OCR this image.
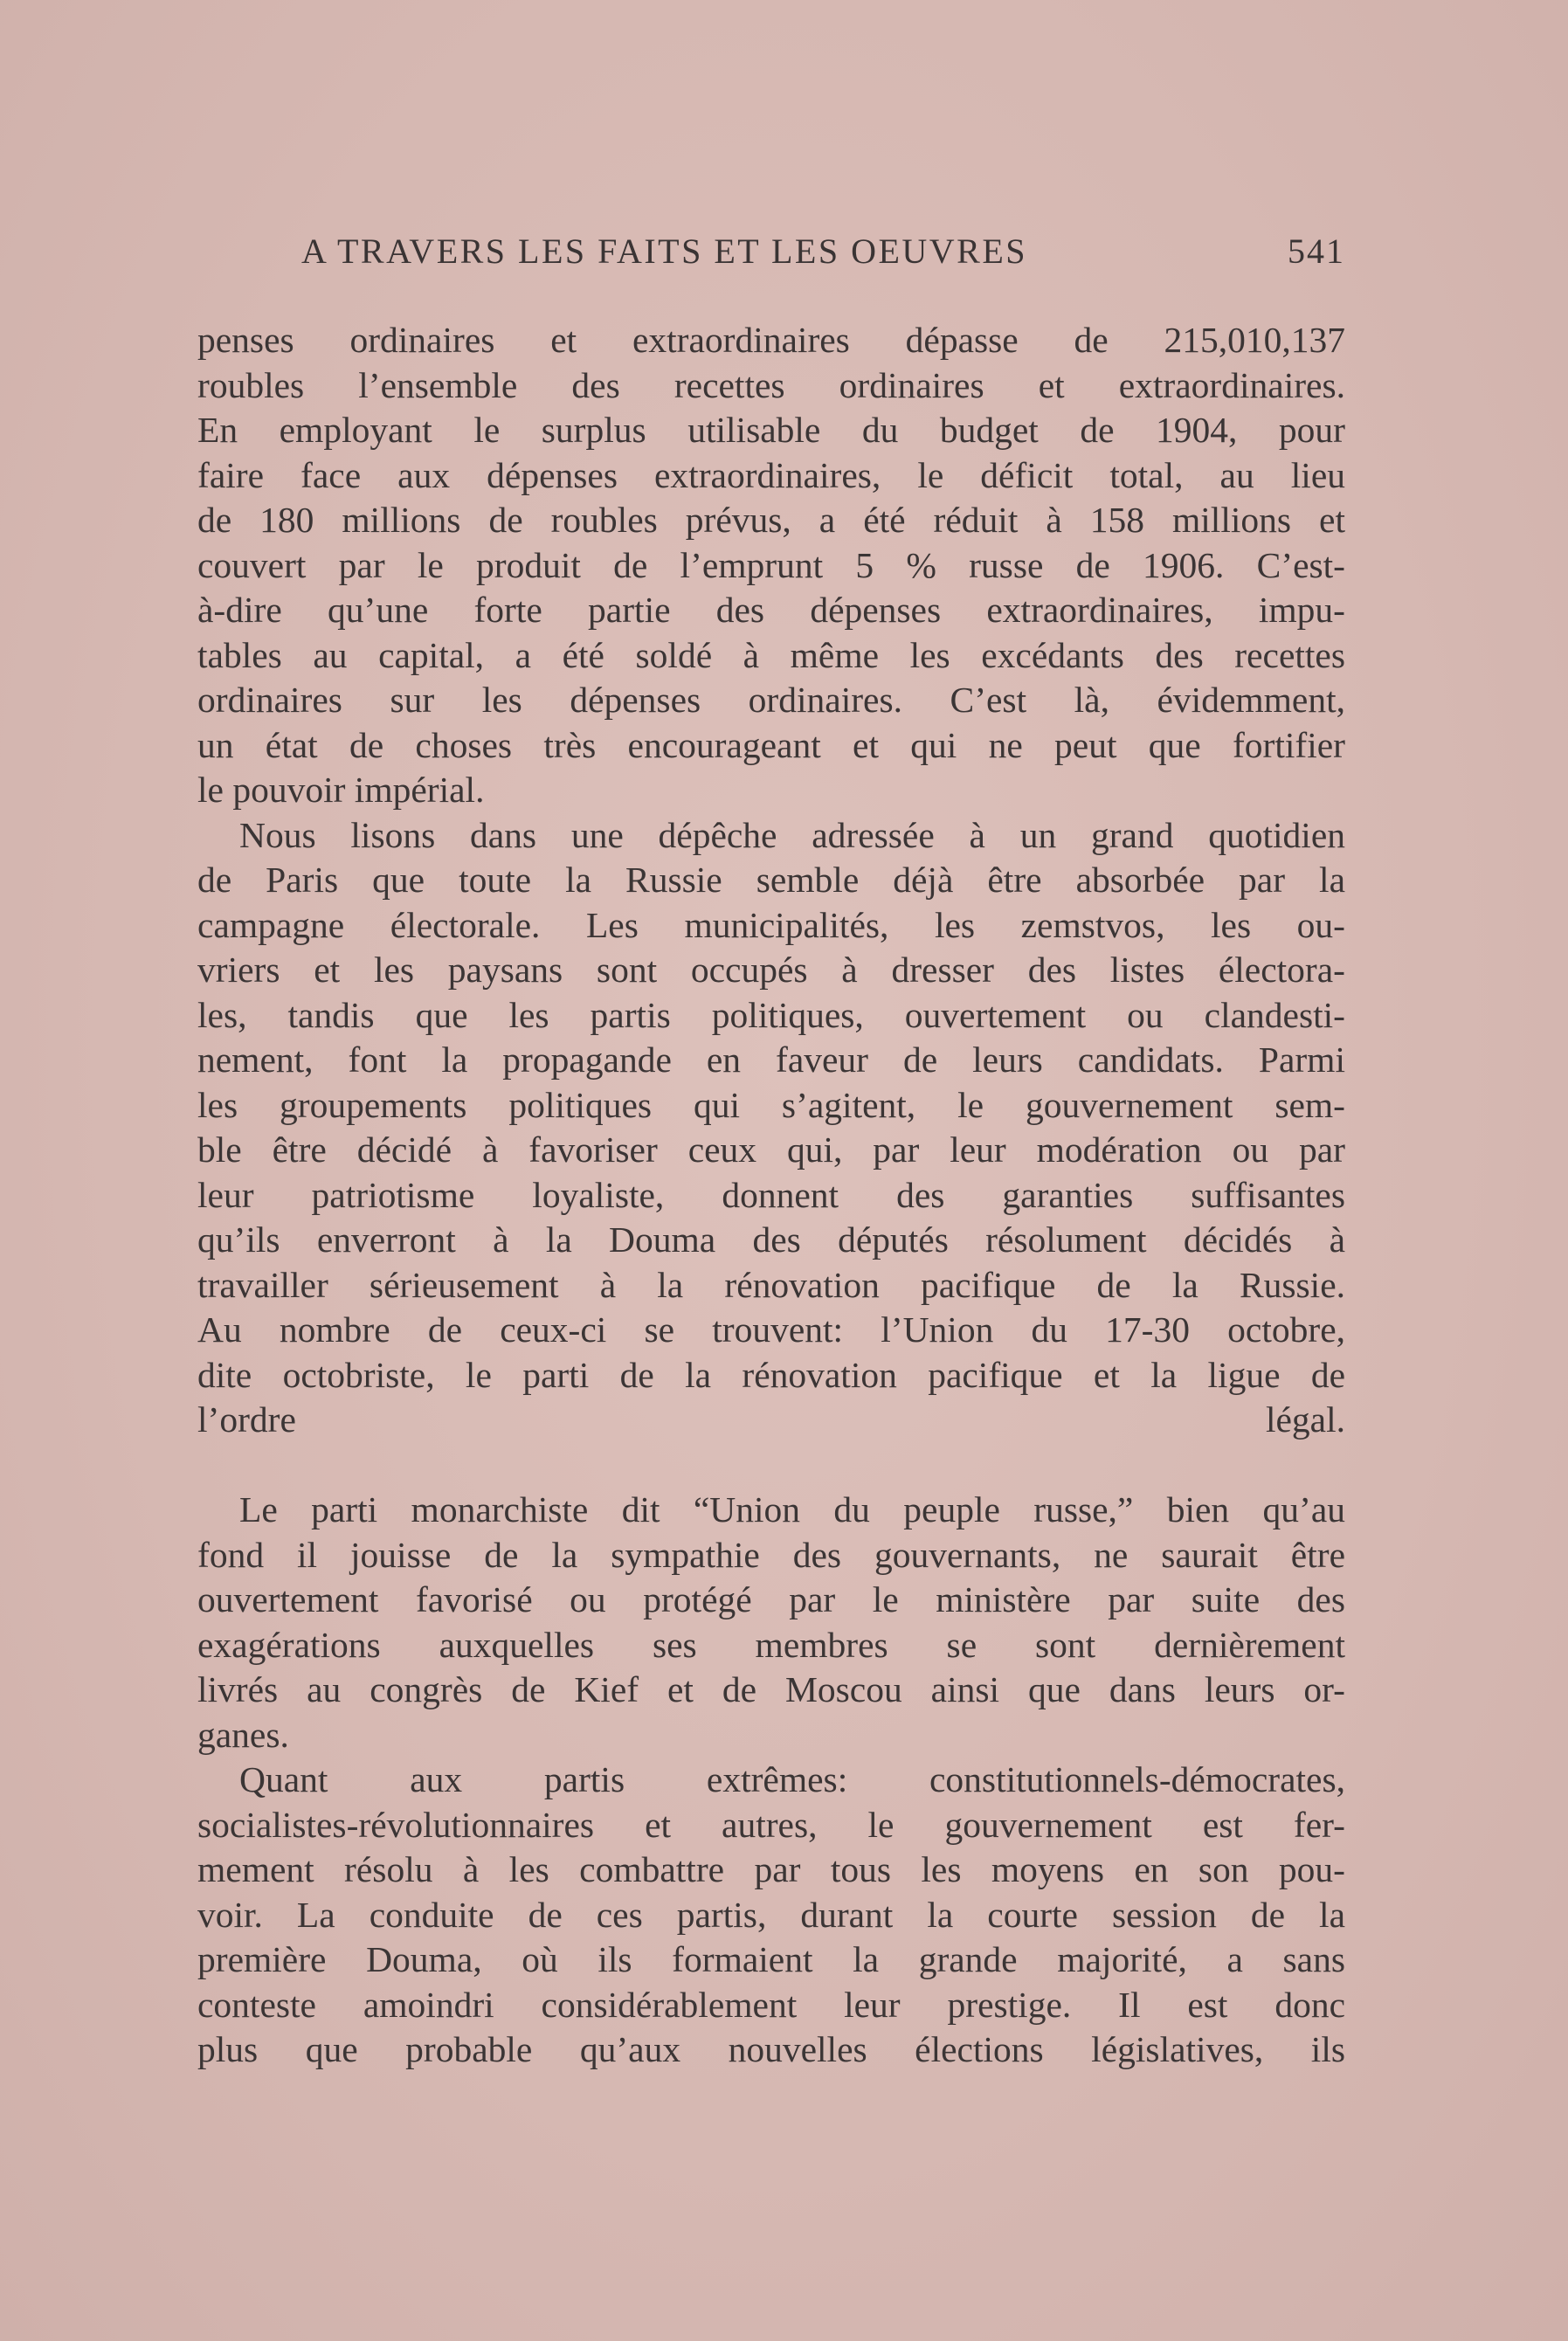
A TRAVERS LES FAITS ET LES OEUVRES	541
penses ordinaires et extraordinaires dépasse de 215,010,137
roubles l’ensemble des recettes ordinaires et extraordinaires.
En employant le surplus utilisable du budget de 1904, pour
faire face aux dépenses extraordinaires, le déficit total, au lieu
de 180 millions de roubles prévus, a été réduit à 158 millions et
couvert par le produit de l’emprunt 5 % russe de 1906. C’est-
à-dire qu’une forte partie des dépenses extraordinaires, impu-
tables au capital, a été soldé à même les excédants des recettes
ordinaires sur les dépenses ordinaires. C’est là, évidemment,
un état de choses très encourageant et qui ne peut que fortifier
le pouvoir impérial.
Nous lisons dans une dépêche adressée à un grand quotidien
de Paris que toute la Russie semble déjà être absorbée par la
campagne électorale. Les municipalités, les zemstvos, les ou-
vriers et les paysans sont occupés à dresser des listes électora-
les, tandis que les partis politiques, ouvertement ou clandesti-
nement, font la propagande en faveur de leurs candidats. Parmi
les groupements politiques qui s’agitent, le gouvernement sem-
ble être décidé à favoriser ceux qui, par leur modération ou par
leur patriotisme loyaliste, donnent des garanties suffisantes
qu’ils enverront à la Douma des députés résolument décidés à
travailler sérieusement à la rénovation pacifique de la Russie.
Au nombre de ceux-ci se trouvent: l’Union du 17-30 octobre,
dite octobriste, le parti de la rénovation pacifique et la ligue de
l’ordre légal.
Le parti monarchiste dit “Union du peuple russe,” bien qu’au
fond il jouisse de la sympathie des gouvernants, ne saurait être
ouvertement favorisé ou protégé par le ministère par suite des
exagérations auxquelles ses membres se sont dernièrement
livrés au congrès de Kief et de Moscou ainsi que dans leurs or-
ganes.
Quant aux partis extrêmes: constitutionnels-démocrates,
socialistes-révolutionnaires et autres, le gouvernement est fer-
mement résolu à les combattre par tous les moyens en son pou-
voir. La conduite de ces partis, durant la courte session de la
première Douma, où ils formaient la grande majorité, a sans
conteste amoindri considérablement leur prestige. Il est donc
plus que probable qu’aux nouvelles élections législatives, ils
